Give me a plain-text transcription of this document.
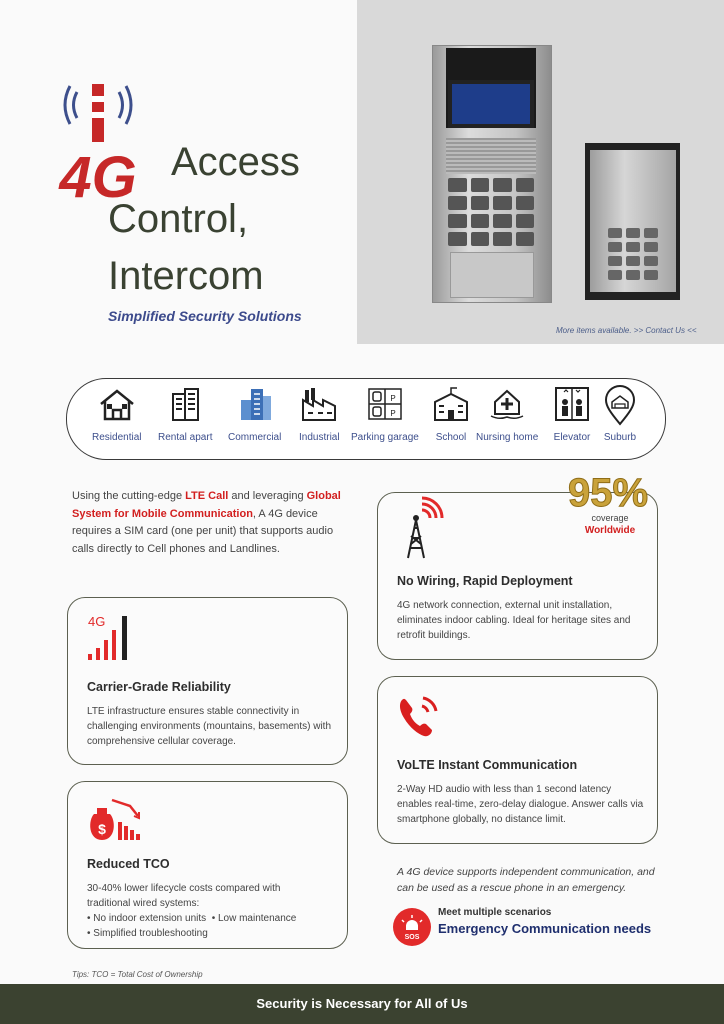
More items available. >> Contact Us <<
4G Access
Control,
Intercom
Simplified Security Solutions
Residential Rental apart Commercial Industrial
P
P
Parking garage	School Nursing home Elevator	Suburb
Using the cutting-edge LTE Call and leveraging Global System for Mobile Communication, A 4G device requires a SIM card (one per unit) that supports audio calls directly to Cell phones and Landlines.
No Wiring, Rapid Deployment
4G network connection, external unit installation, eliminates indoor cabling. Ideal for heritage sites and retrofit buildings.
95%
coverage
Worldwide
4G
Carrier-Grade Reliability
LTE infrastructure ensures stable connectivity in challenging environments (mountains, basements) with comprehensive cellular coverage.
VoLTE Instant Communication
2-Way HD audio with less than 1 second latency enables real-time, zero-delay dialogue. Answer calls via smartphone globally, no distance limit.
$
Reduced TCO
30-40% lower lifecycle costs compared with
traditional wired systems:
• No indoor extension units • Low maintenance
• Simplified troubleshooting
A 4G device supports independent communication, and can be used as a rescue phone in an emergency.
SOS
Meet multiple scenarios
Emergency Communication needs
Tips: TCO = Total Cost of Ownership
Security is Necessary for All of Us
